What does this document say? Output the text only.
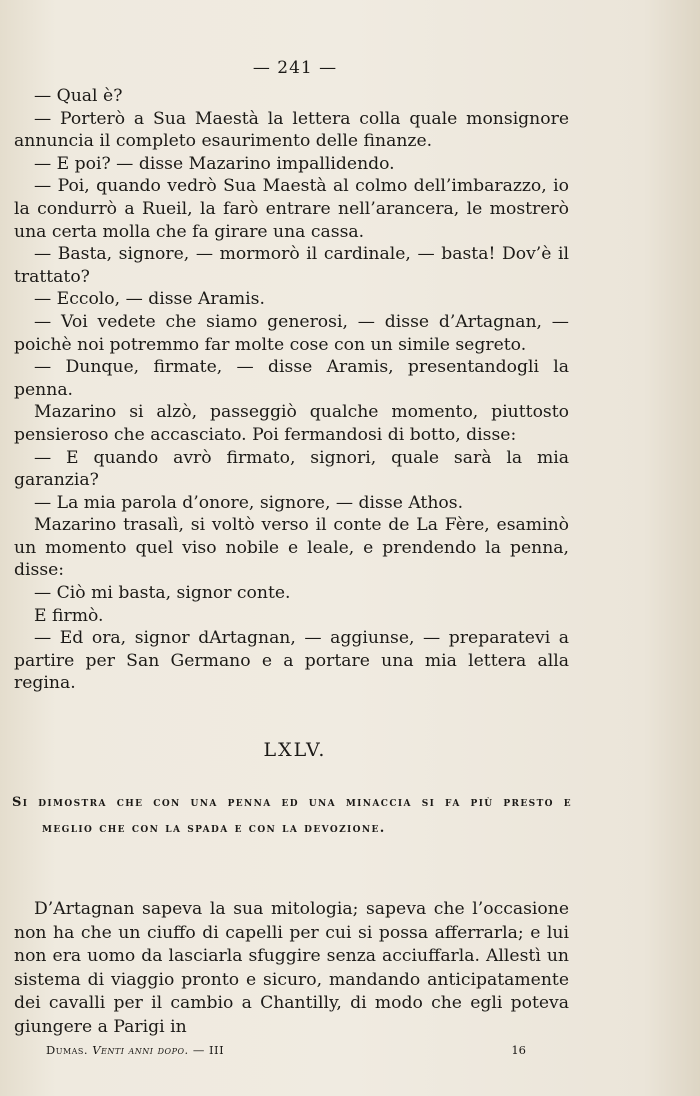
— 241 —

— Qual è?

— Porterò a Sua Maestà la lettera colla quale monsignore annuncia il completo esaurimento delle finanze.

— E poi? — disse Mazarino impallidendo.

— Poi, quando vedrò Sua Maestà al colmo dell’imbarazzo, io la condurrò a Rueil, la farò entrare nell’arancera, le mostrerò una certa molla che fa girare una cassa.

— Basta, signore, — mormorò il cardinale, — basta! Dov’è il trattato?

— Eccolo, — disse Aramis.

— Voi vedete che siamo generosi, — disse d’Artagnan, — poichè noi potremmo far molte cose con un simile segreto.

— Dunque, firmate, — disse Aramis, presentandogli la penna.

Mazarino si alzò, passeggiò qualche momento, piuttosto pensieroso che accasciato. Poi fermandosi di botto, disse:

— E quando avrò firmato, signori, quale sarà la mia garanzia?

— La mia parola d’onore, signore, — disse Athos.

Mazarino trasalì, si voltò verso il conte de La Fère, esaminò un momento quel viso nobile e leale, e prendendo la penna, disse:

— Ciò mi basta, signor conte.

E firmò.

— Ed ora, signor dArtagnan, — aggiunse, — preparatevi a partire per San Germano e a portare una mia lettera alla regina.

LXLV.
Si dimostra che con una penna ed una minaccia si fa più presto e meglio che con la spada e con la devozione.

D’Artagnan sapeva la sua mitologia; sapeva che l’occasione non ha che un ciuffo di capelli per cui si possa afferrarla; e lui non era uomo da lasciarla sfuggire senza acciuffarla. Allestì un sistema di viaggio pronto e sicuro, mandando anticipatamente dei cavalli per il cambio a Chantilly, di modo che egli poteva giungere a Parigi in

Dumas. Venti anni dopo. — III	16
